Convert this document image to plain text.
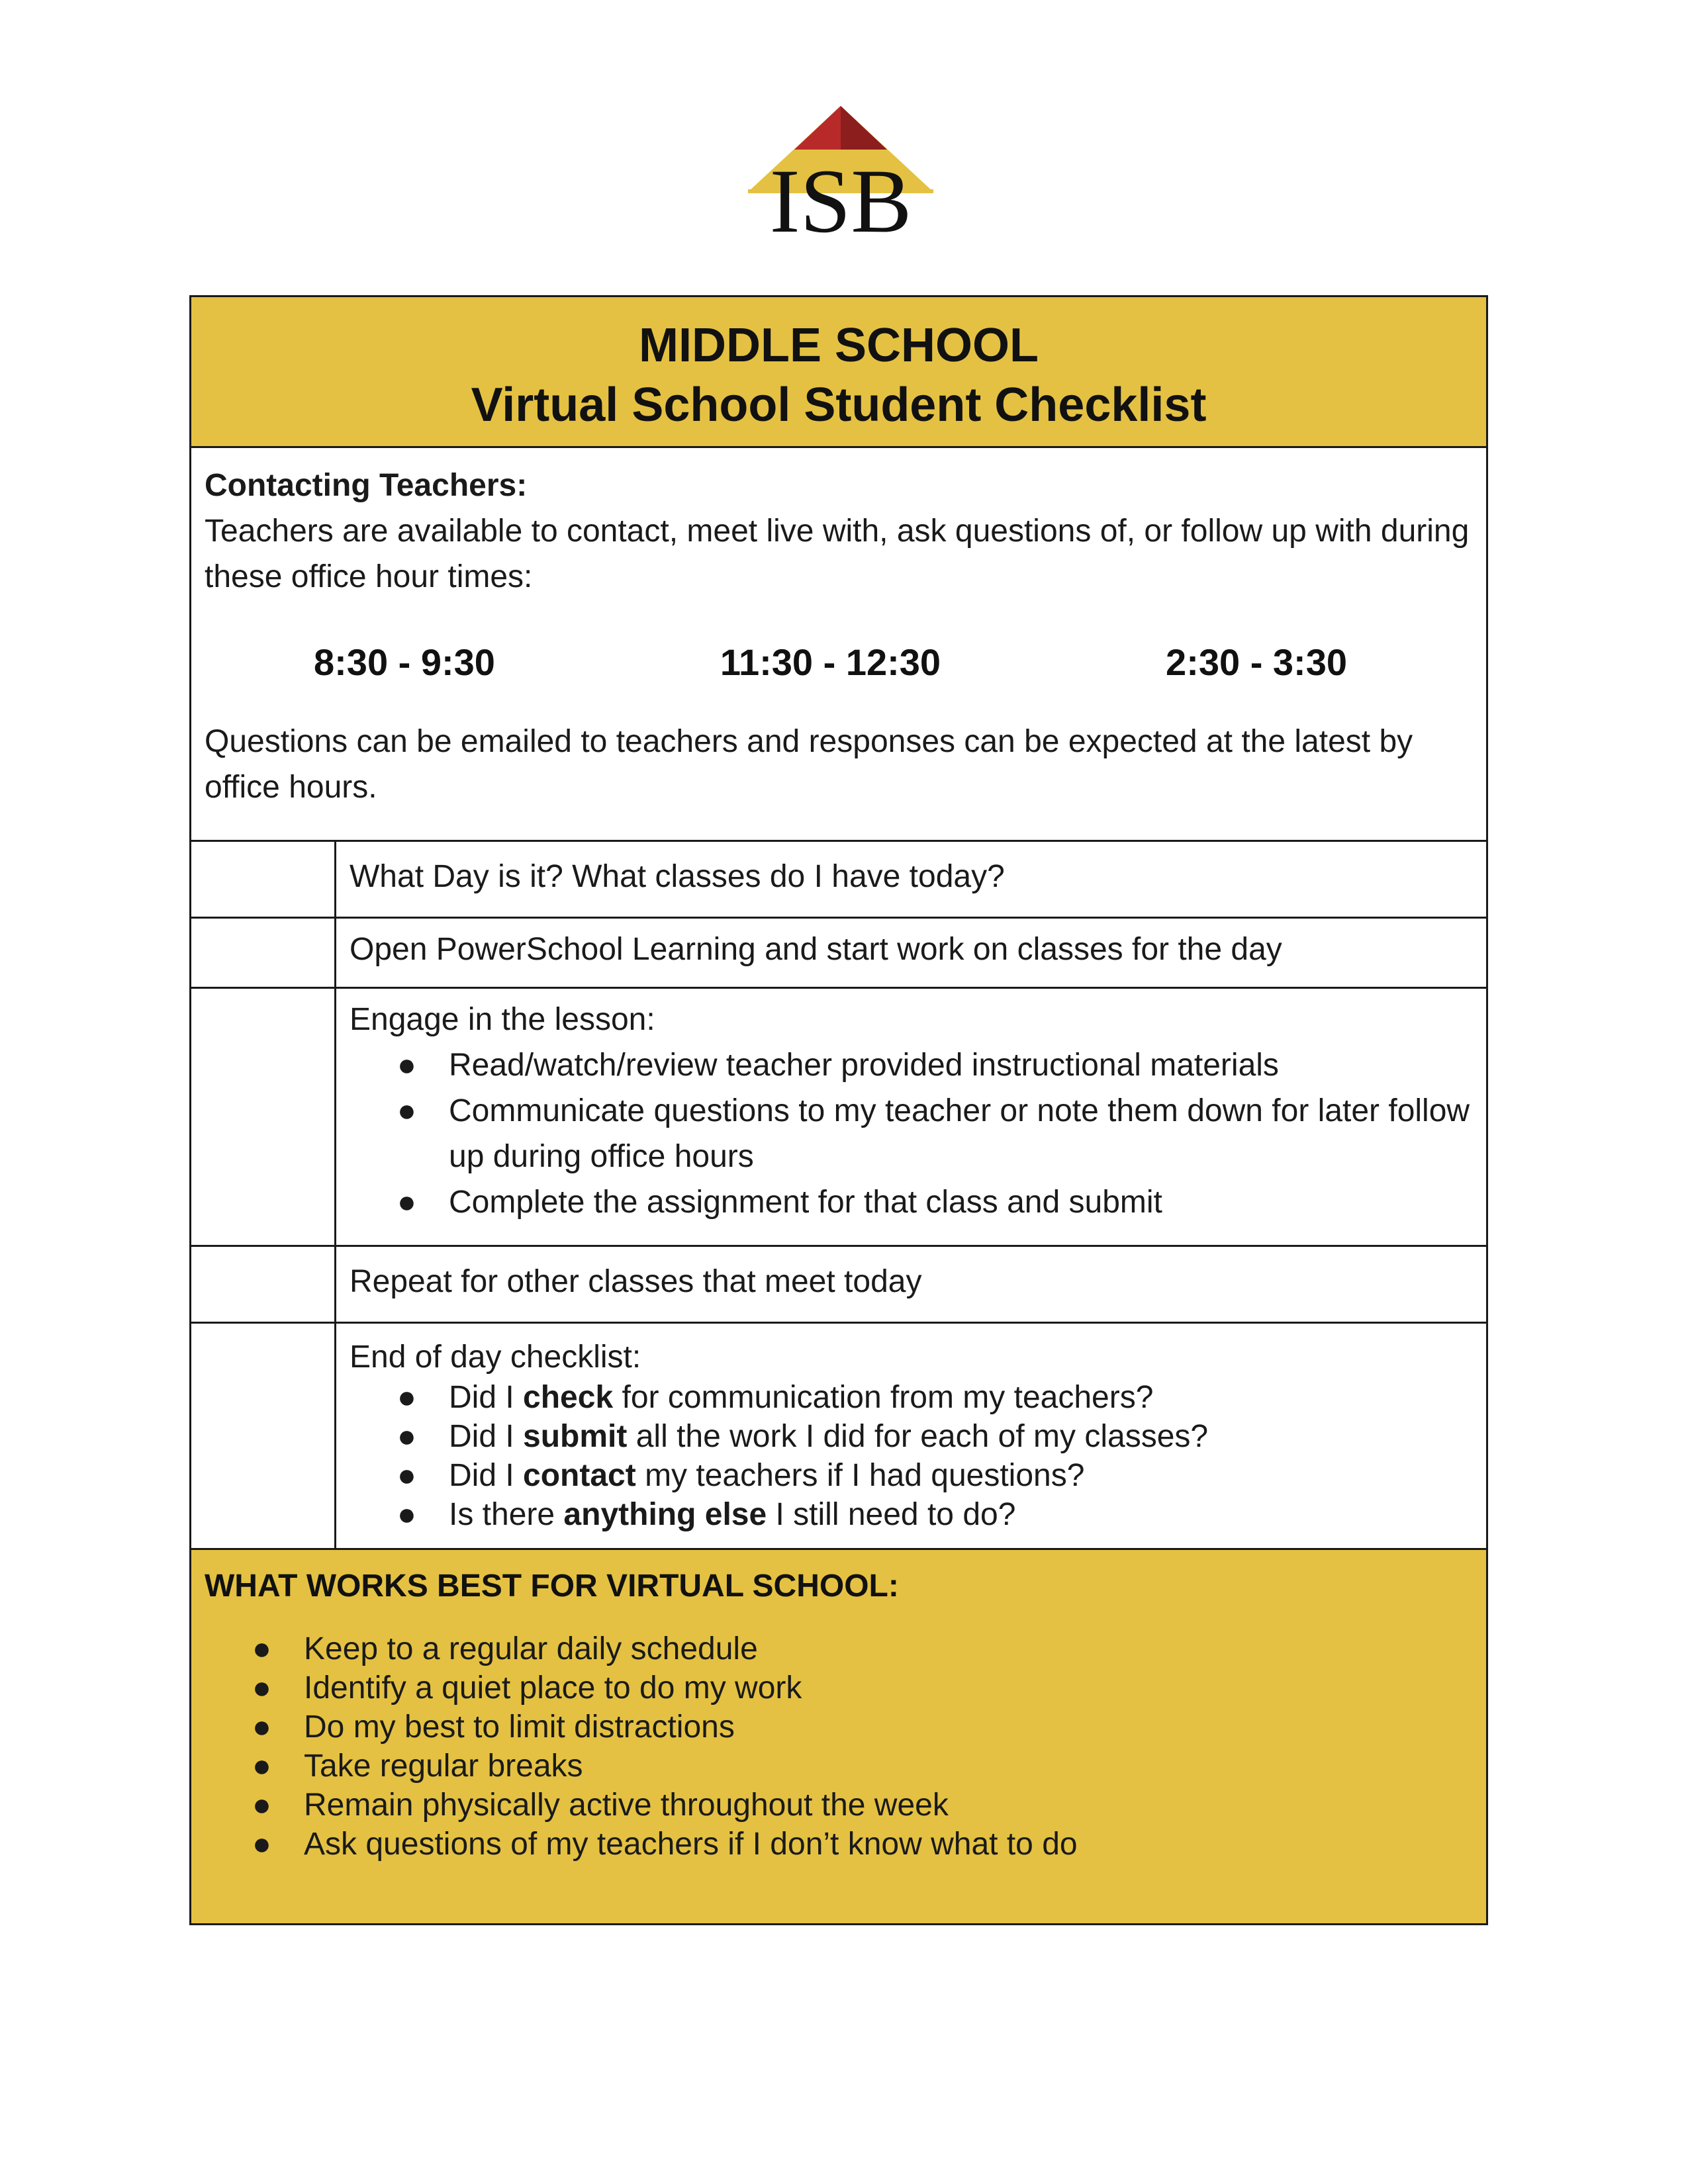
ISB
MIDDLE SCHOOL
Virtual School Student Checklist
Contacting Teachers:
Teachers are available to contact, meet live with, ask questions of, or follow up with during these office hour times:
8:30 - 9:30	11:30 - 12:30	2:30 - 3:30
Questions can be emailed to teachers and responses can be expected at the latest by office hours.
What Day is it? What classes do I have today?
Open PowerSchool Learning and start work on classes for the day
Engage in the lesson:
● Read/watch/review teacher provided instructional materials
● Communicate questions to my teacher or note them down for later follow up during office hours
● Complete the assignment for that class and submit
Repeat for other classes that meet today
End of day checklist:
● Did I check for communication from my teachers?
● Did I submit all the work I did for each of my classes?
● Did I contact my teachers if I had questions?
● Is there anything else I still need to do?
WHAT WORKS BEST FOR VIRTUAL SCHOOL:
● Keep to a regular daily schedule
● Identify a quiet place to do my work
● Do my best to limit distractions
● Take regular breaks
● Remain physically active throughout the week
● Ask questions of my teachers if I don’t know what to do
